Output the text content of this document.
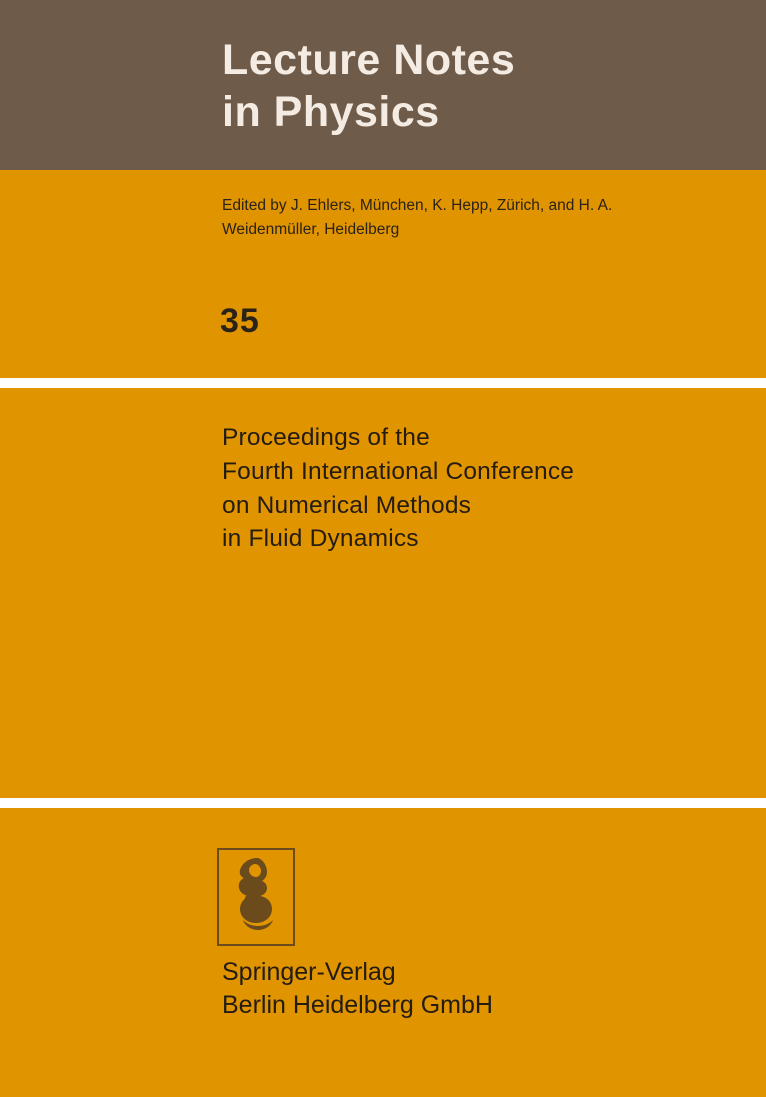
Lecture Notes
in Physics
Edited by J. Ehlers, München, K. Hepp, Zürich, and H. A. Weidenmüller, Heidelberg
35
Proceedings of the
Fourth International Conference
on Numerical Methods
in Fluid Dynamics
Springer-Verlag
Berlin Heidelberg GmbH
